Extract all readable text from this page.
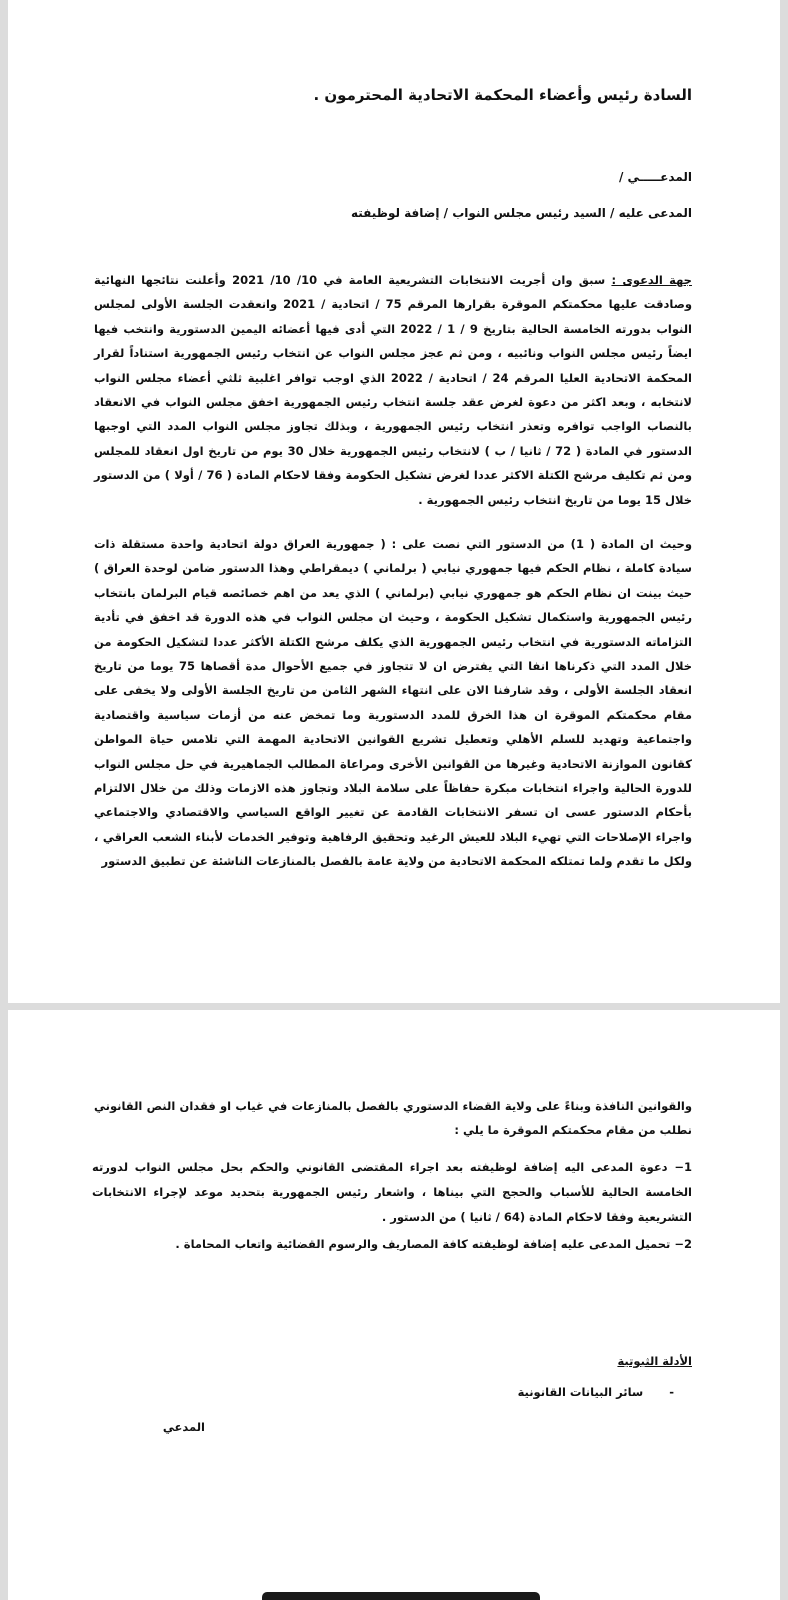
السادة رئيس وأعضاء المحكمة الاتحادية المحترمون .
المدعـــــي /
المدعى عليه / السيد رئيس مجلس النواب / إضافة لوظيفته
جهة الدعوى : سبق وان أجريت الانتخابات التشريعية العامة في 10/ 10/ 2021 وأعلنت نتائجها النهائية وصادقت عليها محكمتكم الموقرة بقرارها المرقم 75 / اتحادية / 2021 وانعقدت الجلسة الأولى لمجلس النواب بدورته الخامسة الحالية بتاريخ 9 / 1 / 2022 التي أدى فيها أعضائه اليمين الدستورية وانتخب فيها ايضاً رئيس مجلس النواب ونائبيه ، ومن ثم عجز مجلس النواب عن انتخاب رئيس الجمهورية استناداً لقرار المحكمة الاتحادية العليا المرقم 24 / اتحادية / 2022 الذي اوجب توافر اغلبية ثلثي أعضاء مجلس النواب لانتخابه ، وبعد اكثر من دعوة لغرض عقد جلسة انتخاب رئيس الجمهورية اخفق مجلس النواب في الانعقاد بالنصاب الواجب توافره وتعذر انتخاب رئيس الجمهورية ، وبذلك تجاوز مجلس النواب المدد التي اوجبها الدستور في المادة ( 72 / ثانيا / ب ) لانتخاب رئيس الجمهورية خلال 30 يوم من تاريخ اول انعقاد للمجلس ومن ثم تكليف مرشح الكتلة الاكثر عددا لغرض تشكيل الحكومة وفقا لاحكام المادة ( 76 / أولا ) من الدستور خلال 15 يوما من تاريخ انتخاب رئيس الجمهورية .
وحيث ان المادة ( 1) من الدستور التي نصت على : ( جمهورية العراق دولة اتحادية واحدة مستقلة ذات سيادة كاملة ، نظام الحكم فيها جمهوري نيابي ( برلماني ) ديمقراطي وهذا الدستور ضامن لوحدة العراق ) حيث بينت ان نظام الحكم هو جمهوري نيابي (برلماني ) الذي يعد من اهم خصائصه قيام البرلمان بانتخاب رئيس الجمهورية واستكمال تشكيل الحكومة ، وحيث ان مجلس النواب في هذه الدورة قد اخفق في تأدية التزاماته الدستورية في انتخاب رئيس الجمهورية الذي يكلف مرشح الكتلة الأكثر عددا لتشكيل الحكومة من خلال المدد التي ذكرناها انفا التي يفترض ان لا تتجاوز في جميع الأحوال مدة أقصاها 75 يوما من تاريخ انعقاد الجلسة الأولى ، وقد شارفنا الان على انتهاء الشهر الثامن من تاريخ الجلسة الأولى ولا يخفى على مقام محكمتكم الموقرة ان هذا الخرق للمدد الدستورية وما تمخض عنه من أزمات سياسية واقتصادية واجتماعية وتهديد للسلم الأهلي وتعطيل تشريع القوانين الاتحادية المهمة التي تلامس حياة المواطن كقانون الموازنة الاتحادية وغيرها من القوانين الأخرى ومراعاة المطالب الجماهيرية في حل مجلس النواب للدورة الحالية واجراء انتخابات مبكرة حفاظاً على سلامة البلاد وتجاوز هذه الازمات وذلك من خلال الالتزام بأحكام الدستور عسى ان تسفر الانتخابات القادمة عن تغيير الواقع السياسي والاقتصادي والاجتماعي واجراء الإصلاحات التي تهيء البلاد للعيش الرغيد وتحقيق الرفاهية وتوفير الخدمات لأبناء الشعب العراقي ، ولكل ما تقدم ولما تمتلكه المحكمة الاتحادية من ولاية عامة بالفصل بالمنازعات الناشئة عن تطبيق الدستور
والقوانين النافذة وبناءً على ولاية القضاء الدستوري بالفصل بالمنازعات في غياب او فقدان النص القانوني نطلب من مقام محكمتكم الموقرة ما يلي :
1− دعوة المدعى اليه إضافة لوظيفته بعد اجراء المقتضى القانوني والحكم بحل مجلس النواب لدورته الخامسة الحالية للأسباب والحجج التي بيناها ، واشعار رئيس الجمهورية بتحديد موعد لإجراء الانتخابات التشريعية وفقا لاحكام المادة (64 / ثانيا ) من الدستور .
2− تحميل المدعى عليه إضافة لوظيفته كافة المصاريف والرسوم القضائية واتعاب المحاماة .
الأدلة الثبوتية
- سائر البيانات القانونية
المدعي
